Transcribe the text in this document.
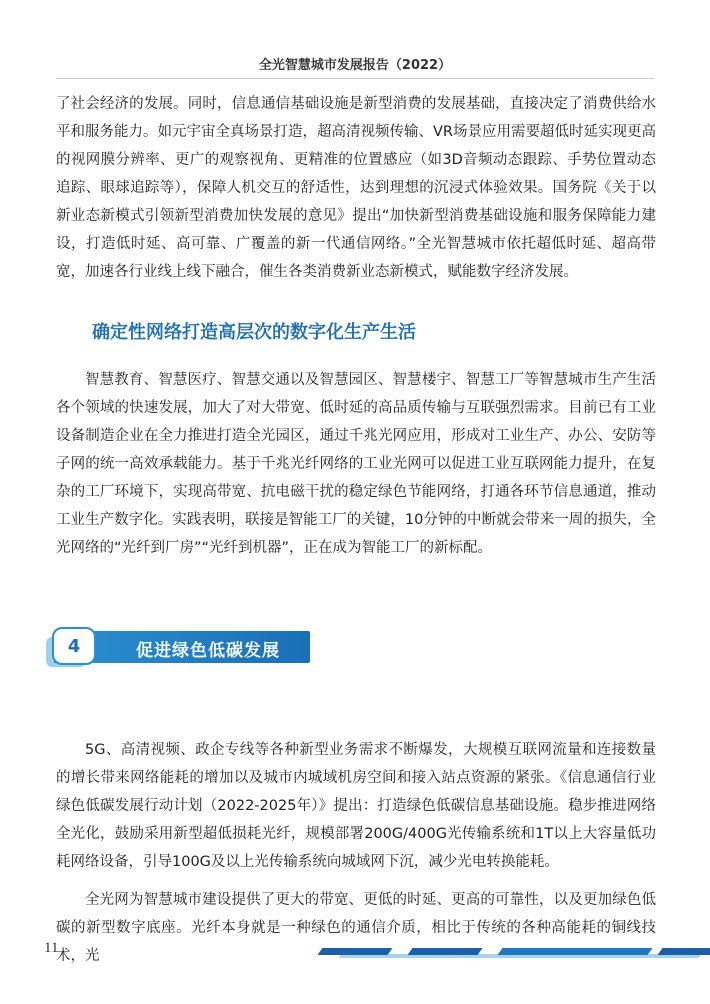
全光智慧城市发展报告（2022）

了社会经济的发展。同时，信息通信基础设施是新型消费的发展基础，直接决定了消费供给水平和服务能力。如元宇宙全真场景打造，超高清视频传输、VR场景应用需要超低时延实现更高的视网膜分辨率、更广的观察视角、更精准的位置感应（如3D音频动态跟踪、手势位置动态追踪、眼球追踪等），保障人机交互的舒适性，达到理想的沉浸式体验效果。国务院《关于以新业态新模式引领新型消费加快发展的意见》提出“加快新型消费基础设施和服务保障能力建设，打造低时延、高可靠、广覆盖的新一代通信网络。”全光智慧城市依托超低时延、超高带宽，加速各行业线上线下融合，催生各类消费新业态新模式，赋能数字经济发展。

确定性网络打造高层次的数字化生产生活

智慧教育、智慧医疗、智慧交通以及智慧园区、智慧楼宇、智慧工厂等智慧城市生产生活各个领域的快速发展，加大了对大带宽、低时延的高品质传输与互联强烈需求。目前已有工业设备制造企业在全力推进打造全光园区，通过千兆光网应用，形成对工业生产、办公、安防等子网的统一高效承载能力。基于千兆光纤网络的工业光网可以促进工业互联网能力提升，在复杂的工厂环境下，实现高带宽、抗电磁干扰的稳定绿色节能网络，打通各环节信息通道，推动工业生产数字化。实践表明，联接是智能工厂的关键，10分钟的中断就会带来一周的损失，全光网络的“光纤到厂房”“光纤到机器”，正在成为智能工厂的新标配。

4	促进绿色低碳发展

5G、高清视频、政企专线等各种新型业务需求不断爆发，大规模互联网流量和连接数量的增长带来网络能耗的增加以及城市内城域机房空间和接入站点资源的紧张。《信息通信行业绿色低碳发展行动计划（2022-2025年）》提出：打造绿色低碳信息基础设施。稳步推进网络全光化，鼓励采用新型超低损耗光纤，规模部署200G/400G光传输系统和1T以上大容量低功耗网络设备，引导100G及以上光传输系统向城域网下沉，减少光电转换能耗。

全光网为智慧城市建设提供了更大的带宽、更低的时延、更高的可靠性，以及更加绿色低碳的新型数字底座。光纤本身就是一种绿色的通信介质，相比于传统的各种高能耗的铜线技术，光

11
